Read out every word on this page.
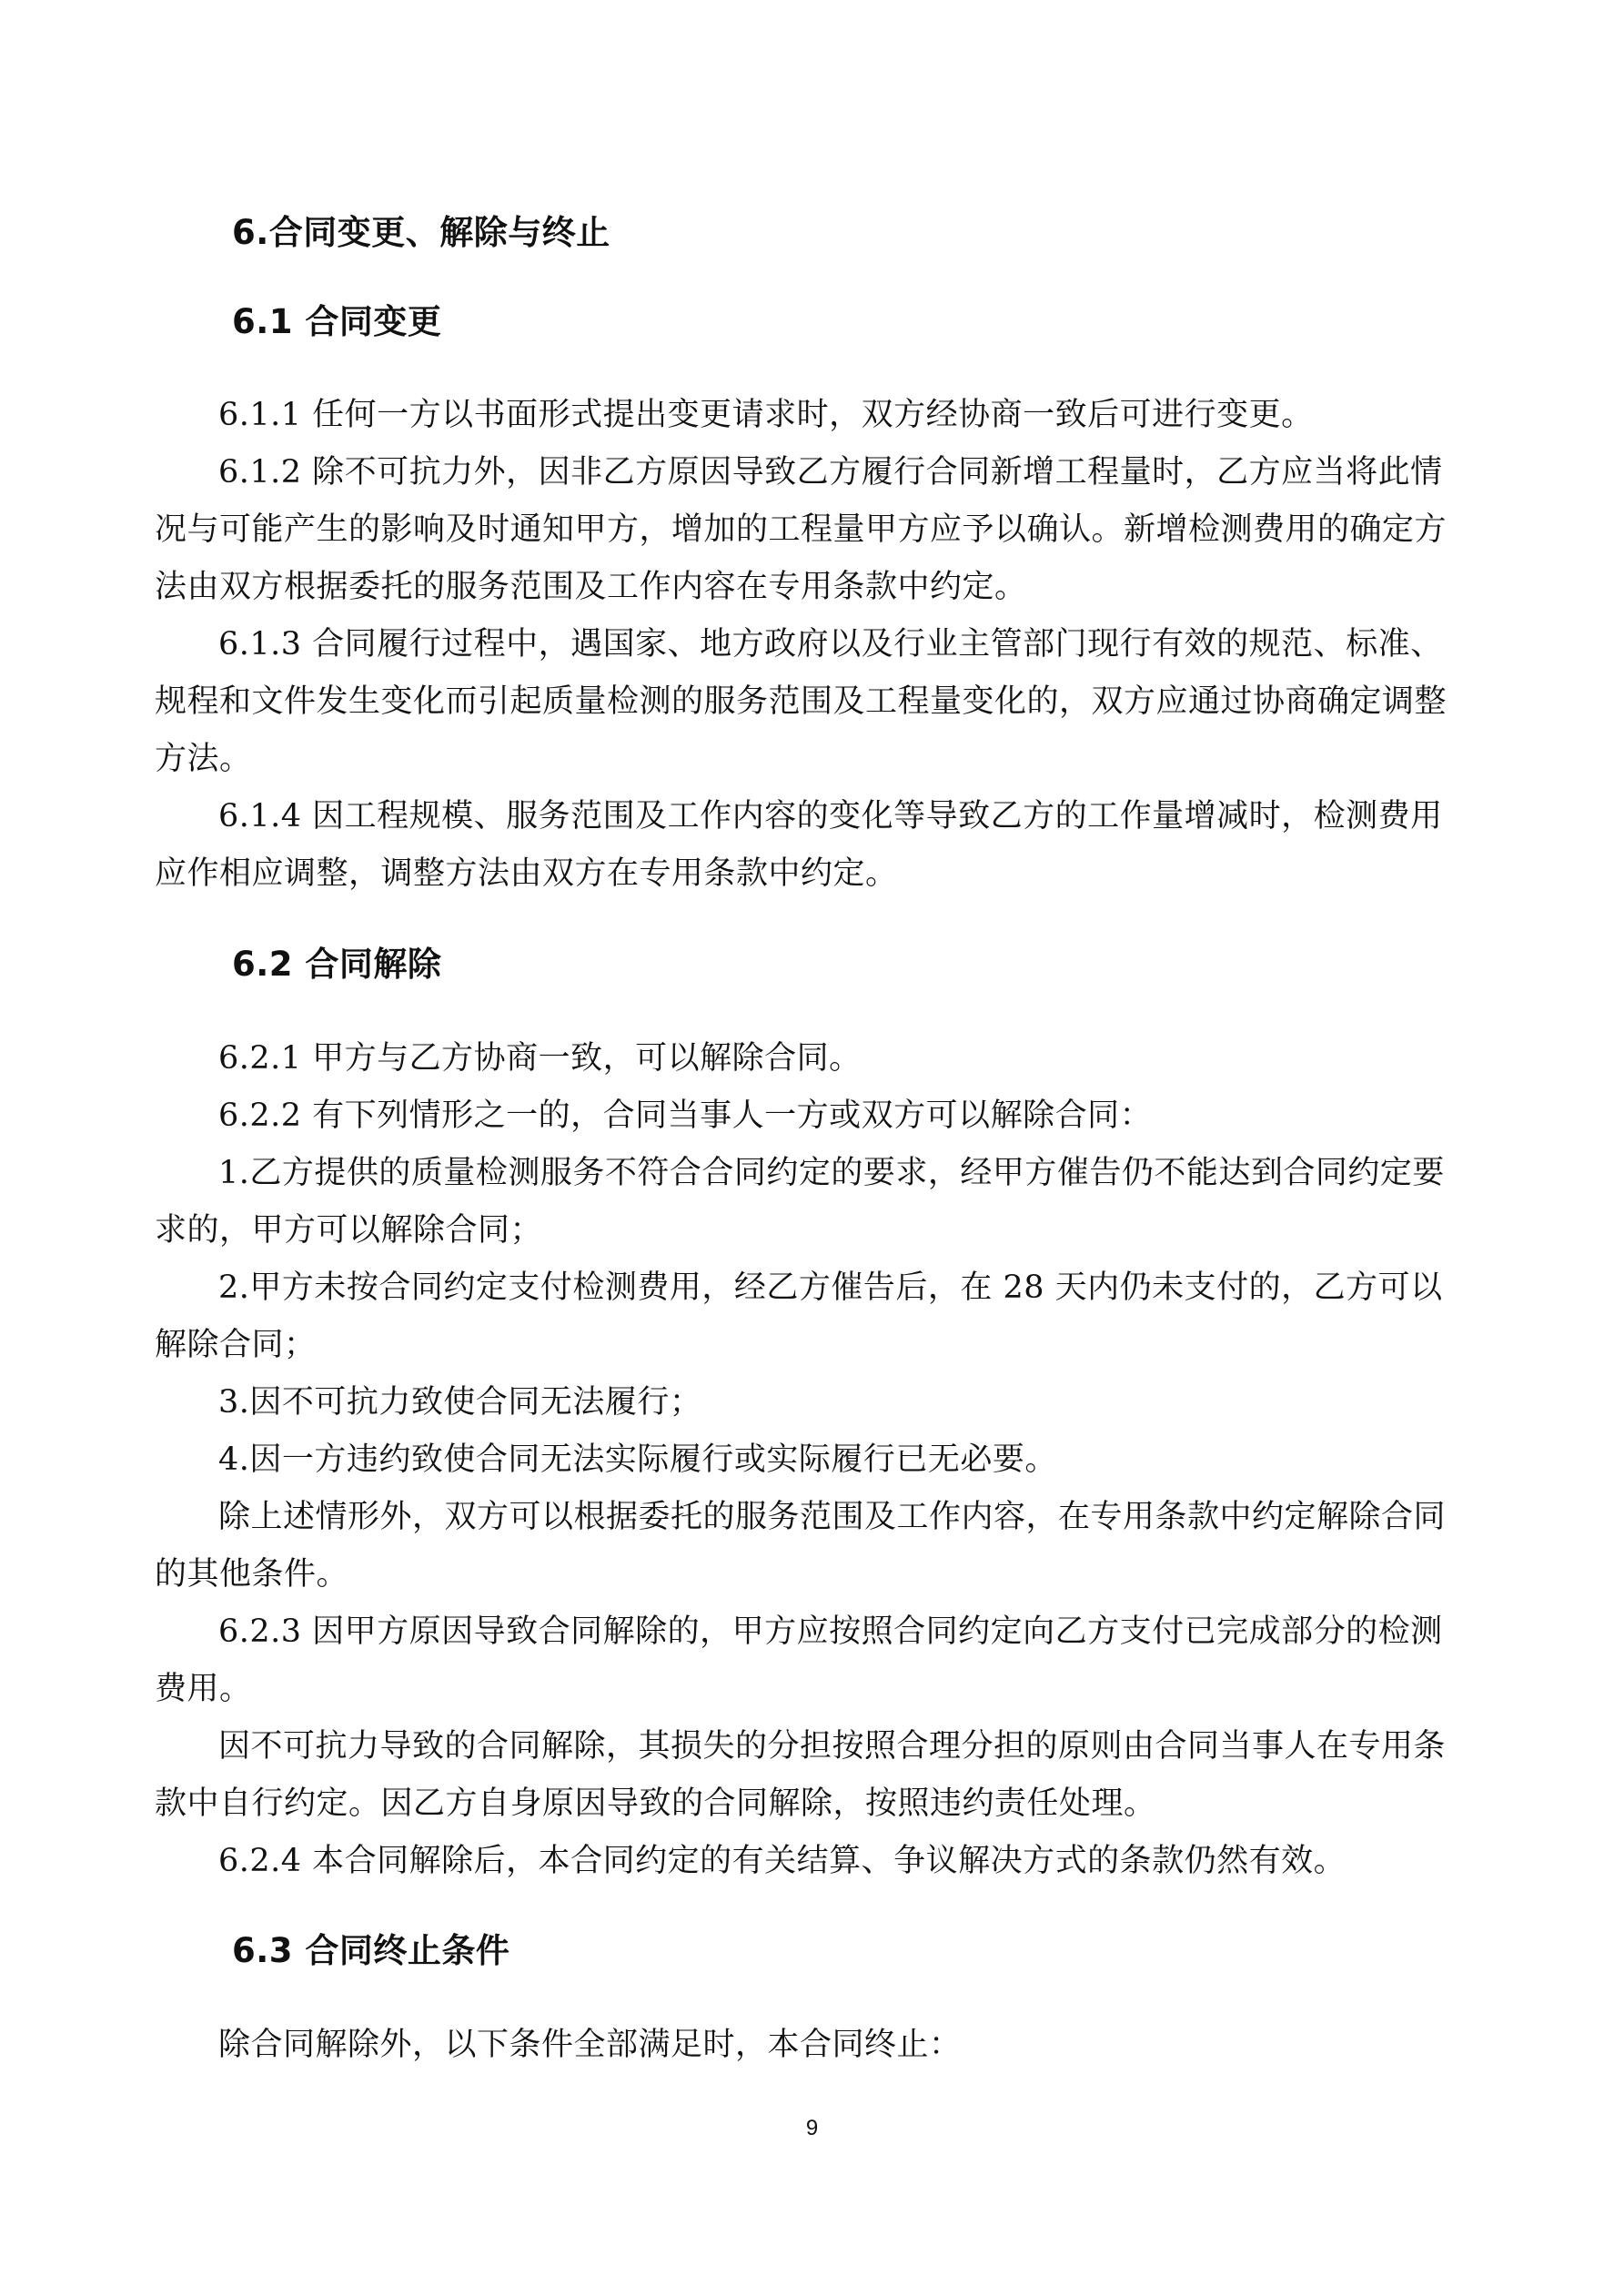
6.合同变更、解除与终止
6.1 合同变更
6.1.1 任何一方以书面形式提出变更请求时，双方经协商一致后可进行变更。
6.1.2 除不可抗力外，因非乙方原因导致乙方履行合同新增工程量时，乙方应当将此情
况与可能产生的影响及时通知甲方，增加的工程量甲方应予以确认。新增检测费用的确定方
法由双方根据委托的服务范围及工作内容在专用条款中约定。
6.1.3 合同履行过程中，遇国家、地方政府以及行业主管部门现行有效的规范、标准、
规程和文件发生变化而引起质量检测的服务范围及工程量变化的，双方应通过协商确定调整
方法。
6.1.4 因工程规模、服务范围及工作内容的变化等导致乙方的工作量增减时，检测费用
应作相应调整，调整方法由双方在专用条款中约定。
6.2 合同解除
6.2.1 甲方与乙方协商一致，可以解除合同。
6.2.2 有下列情形之一的，合同当事人一方或双方可以解除合同：
1.乙方提供的质量检测服务不符合合同约定的要求，经甲方催告仍不能达到合同约定要
求的，甲方可以解除合同；
2.甲方未按合同约定支付检测费用，经乙方催告后，在 28 天内仍未支付的，乙方可以
解除合同；
3.因不可抗力致使合同无法履行；
4.因一方违约致使合同无法实际履行或实际履行已无必要。
除上述情形外，双方可以根据委托的服务范围及工作内容，在专用条款中约定解除合同
的其他条件。
6.2.3 因甲方原因导致合同解除的，甲方应按照合同约定向乙方支付已完成部分的检测
费用。
因不可抗力导致的合同解除，其损失的分担按照合理分担的原则由合同当事人在专用条
款中自行约定。因乙方自身原因导致的合同解除，按照违约责任处理。
6.2.4 本合同解除后，本合同约定的有关结算、争议解决方式的条款仍然有效。
6.3 合同终止条件
除合同解除外，以下条件全部满足时，本合同终止：
9
